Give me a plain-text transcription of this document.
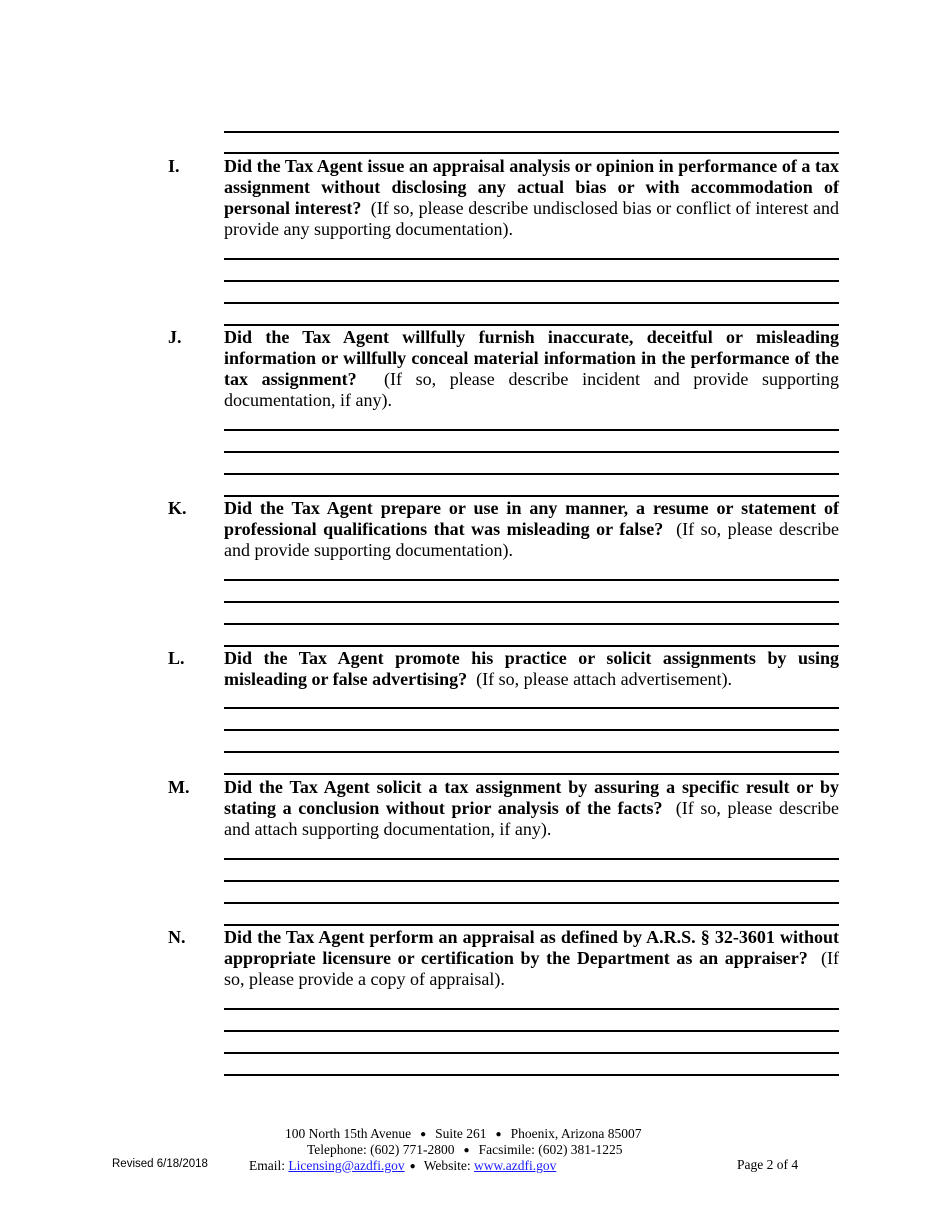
I. Did the Tax Agent issue an appraisal analysis or opinion in performance of a tax assignment without disclosing any actual bias or with accommodation of personal interest? (If so, please describe undisclosed bias or conflict of interest and provide any supporting documentation).
J. Did the Tax Agent willfully furnish inaccurate, deceitful or misleading information or willfully conceal material information in the performance of the tax assignment? (If so, please describe incident and provide supporting documentation, if any).
K. Did the Tax Agent prepare or use in any manner, a resume or statement of professional qualifications that was misleading or false? (If so, please describe and provide supporting documentation).
L. Did the Tax Agent promote his practice or solicit assignments by using misleading or false advertising? (If so, please attach advertisement).
M. Did the Tax Agent solicit a tax assignment by assuring a specific result or by stating a conclusion without prior analysis of the facts? (If so, please describe and attach supporting documentation, if any).
N. Did the Tax Agent perform an appraisal as defined by A.R.S. § 32-3601 without appropriate licensure or certification by the Department as an appraiser? (If so, please provide a copy of appraisal).
100 North 15th Avenue ● Suite 261 ● Phoenix, Arizona 85007
Telephone: (602) 771-2800 ● Facsimile: (602) 381-1225
Email: Licensing@azdfi.gov ● Website: www.azdfi.gov
Revised 6/18/2018	Page 2 of 4
